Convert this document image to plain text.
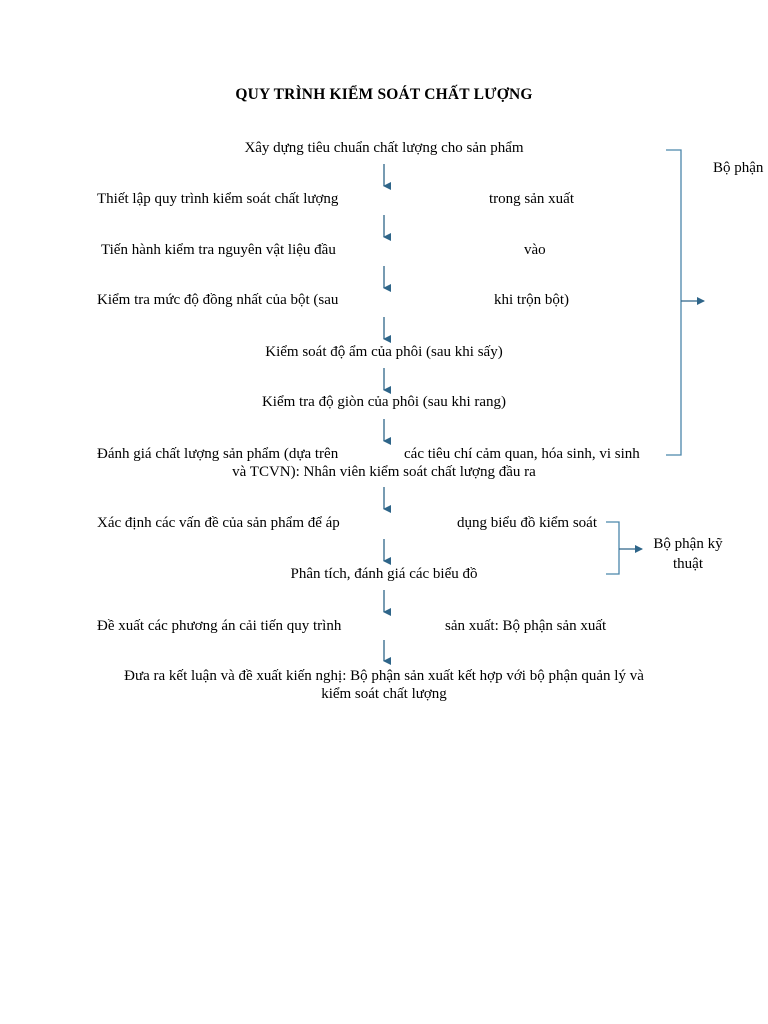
QUY TRÌNH KIỂM SOÁT CHẤT LƯỢNG
Xây dựng tiêu chuẩn chất lượng cho sản phẩm
Thiết lập quy trình kiểm soát chất lượng	trong sản xuất
Tiến hành kiểm tra nguyên vật liệu đầu	vào
Kiểm tra mức độ đồng nhất của bột (sau	khi trộn bột)
Kiểm soát độ ẩm của phôi (sau khi sấy)
Kiểm tra độ giòn của phôi (sau khi rang)
Đánh giá chất lượng sản phẩm (dựa trên	các tiêu chí cảm quan, hóa sinh, vi sinh
và TCVN): Nhân viên kiểm soát chất lượng đầu ra
Xác định các vấn đề của sản phẩm để áp	dụng biểu đồ kiểm soát
Phân tích, đánh giá các biểu đồ
Đề xuất các phương án cải tiến quy trình	sản xuất: Bộ phận sản xuất
Đưa ra kết luận và đề xuất kiến nghị: Bộ phận sản xuất kết hợp với bộ phận quản lý và
kiểm soát chất lượng
Bộ phận
Bộ phận kỹ
thuật
